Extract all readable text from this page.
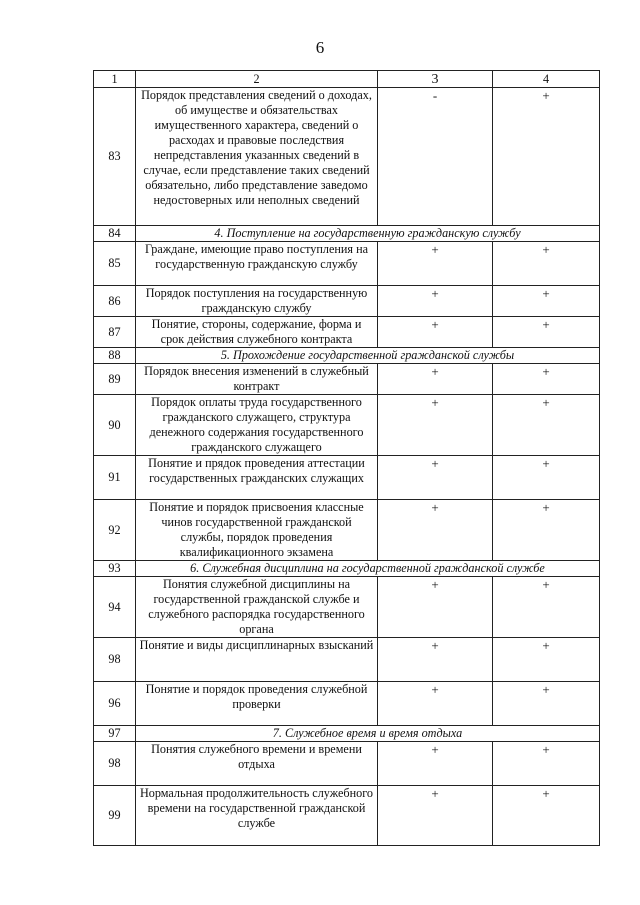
6
1	2	3	4
83	Порядок представления сведений о доходах, об имуществе и обязательствах имущественного характера, сведений о расходах и правовые последствия непредставления указанных сведений в случае, если представление таких сведений обязательно, либо представление заведомо недостоверных или неполных сведений	-	+
84	4. Поступление на государственную гражданскую службу		
85	Граждане, имеющие право поступления на государственную гражданскую службу	+	+
86	Порядок поступления на государственную гражданскую службу	+	+
87	Понятие, стороны, содержание, форма и срок действия служебного контракта	+	+
88	5. Прохождение государственной гражданской службы		
89	Порядок внесения изменений в служебный контракт	+	+
90	Порядок оплаты труда государственного гражданского служащего, структура денежного содержания государственного гражданского служащего	+	+
91	Понятие и прядок проведения аттестации государственных гражданских служащих	+	+
92	Понятие и порядок присвоения классные чинов государственной гражданской службы, порядок проведения квалификационного экзамена	+	+
93	6. Служебная дисциплина на государственной гражданской службе		
94	Понятия служебной дисциплины на государственной гражданской службе и служебного распорядка государственного органа	+	+
98	Понятие и виды дисциплинарных взысканий	+	+
96	Понятие и порядок проведения служебной проверки	+	+
97	7. Служебное время и время отдыха		
98	Понятия служебного времени и времени отдыха	+	+
99	Нормальная продолжительность служебного времени на государственной гражданской службе	+	+
